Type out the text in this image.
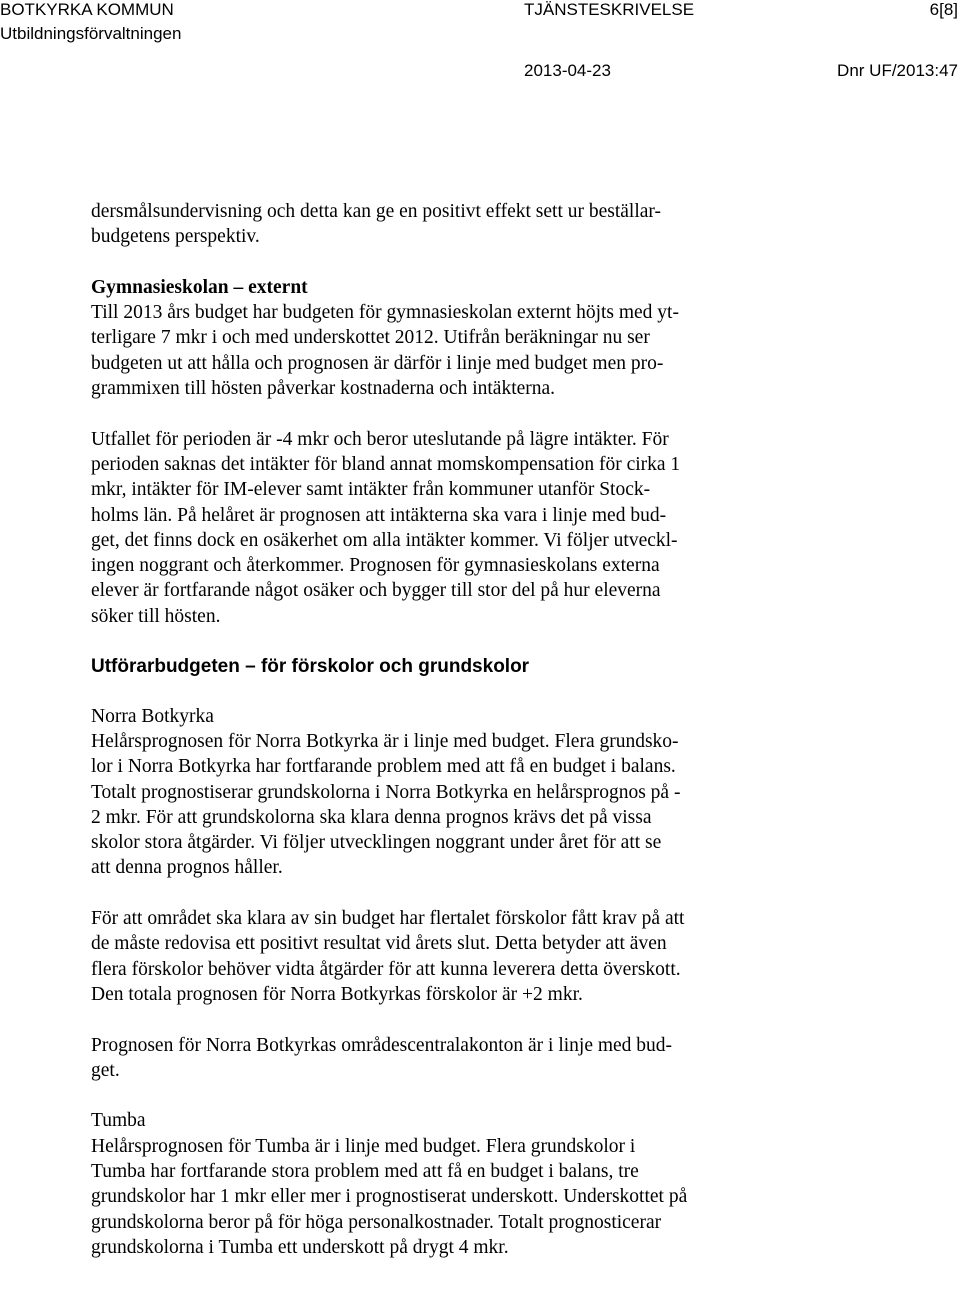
BOTKYRKA KOMMUN
Utbildningsförvaltningen
TJÄNSTESKRIVELSE	6[8]
2013-04-23	Dnr UF/2013:47

dersmålsundervisning och detta kan ge en positivt effekt sett ur beställar-
budgetens perspektiv.

Gymnasieskolan – externt
Till 2013 års budget har budgeten för gymnasieskolan externt höjts med yt-
terligare 7 mkr i och med underskottet 2012. Utifrån beräkningar nu ser
budgeten ut att hålla och prognosen är därför i linje med budget men pro-
grammixen till hösten påverkar kostnaderna och intäkterna.

Utfallet för perioden är -4 mkr och beror uteslutande på lägre intäkter. För
perioden saknas det intäkter för bland annat momskompensation för cirka 1
mkr, intäkter för IM-elever samt intäkter från kommuner utanför Stock-
holms län. På helåret är prognosen att intäkterna ska vara i linje med bud-
get, det finns dock en osäkerhet om alla intäkter kommer. Vi följer utveckl-
ingen noggrant och återkommer. Prognosen för gymnasieskolans externa
elever är fortfarande något osäker och bygger till stor del på hur eleverna
söker till hösten.

Utförarbudgeten – för förskolor och grundskolor

Norra Botkyrka
Helårsprognosen för Norra Botkyrka är i linje med budget. Flera grundsko-
lor i Norra Botkyrka har fortfarande problem med att få en budget i balans.
Totalt prognostiserar grundskolorna i Norra Botkyrka en helårsprognos på -
2 mkr. För att grundskolorna ska klara denna prognos krävs det på vissa
skolor stora åtgärder. Vi följer utvecklingen noggrant under året för att se
att denna prognos håller.

För att området ska klara av sin budget har flertalet förskolor fått krav på att
de måste redovisa ett positivt resultat vid årets slut. Detta betyder att även
flera förskolor behöver vidta åtgärder för att kunna leverera detta överskott.
Den totala prognosen för Norra Botkyrkas förskolor är +2 mkr.

Prognosen för Norra Botkyrkas områdescentralakonton är i linje med bud-
get.

Tumba
Helårsprognosen för Tumba är i linje med budget. Flera grundskolor i
Tumba har fortfarande stora problem med att få en budget i balans, tre
grundskolor har 1 mkr eller mer i prognostiserat underskott. Underskottet på
grundskolorna beror på för höga personalkostnader. Totalt prognosticerar
grundskolorna i Tumba ett underskott på drygt 4 mkr.
